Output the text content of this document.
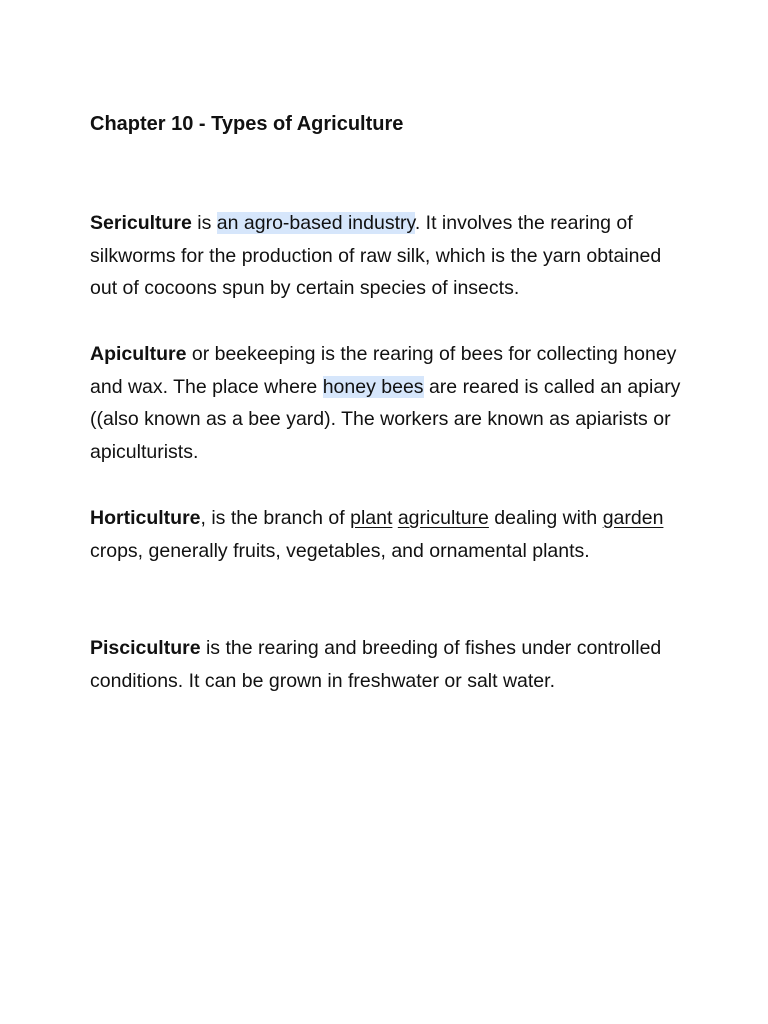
Chapter 10 - Types of Agriculture

Sericulture is an agro-based industry. It involves the rearing of silkworms for the production of raw silk, which is the yarn obtained out of cocoons spun by certain species of insects.

Apiculture or beekeeping is the rearing of bees for collecting honey and wax. The place where honey bees are reared is called an apiary ((also known as a bee yard). The workers are known as apiarists or apiculturists.

Horticulture, is the branch of plant agriculture dealing with garden crops, generally fruits, vegetables, and ornamental plants.

Pisciculture is the rearing and breeding of fishes under controlled conditions. It can be grown in freshwater or salt water.
